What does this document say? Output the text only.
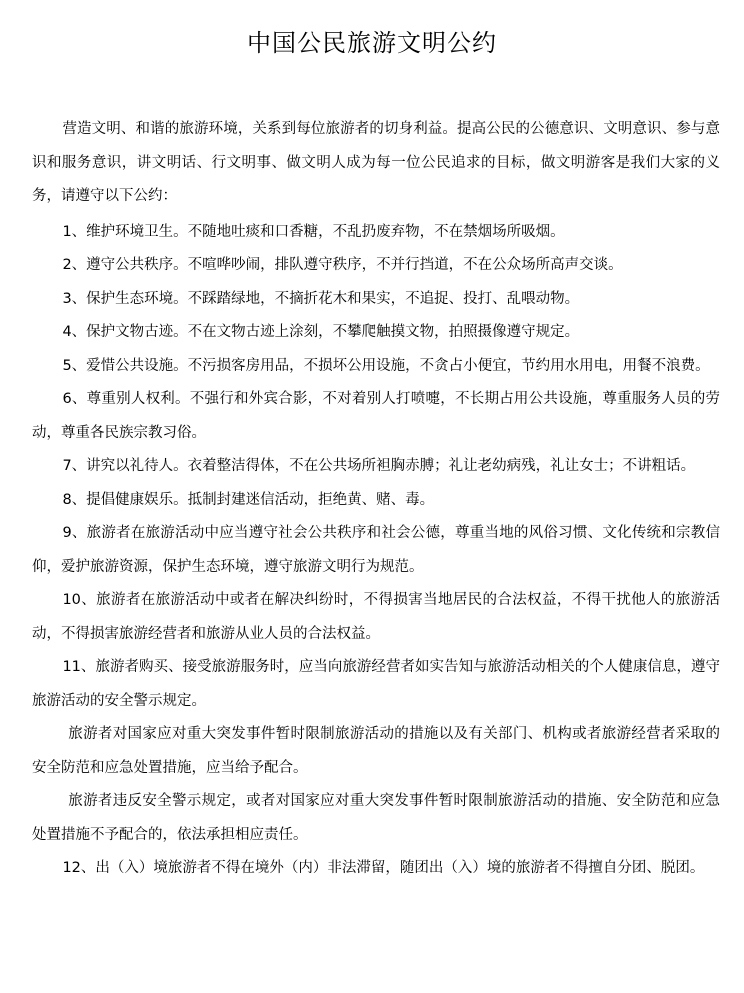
中国公民旅游文明公约

营造文明、和谐的旅游环境，关系到每位旅游者的切身利益。提高公民的公德意识、文明意识、参与意识和服务意识，讲文明话、行文明事、做文明人成为每一位公民追求的目标，做文明游客是我们大家的义务，请遵守以下公约：

1、维护环境卫生。不随地吐痰和口香糖，不乱扔废弃物，不在禁烟场所吸烟。

2、遵守公共秩序。不喧哗吵闹，排队遵守秩序，不并行挡道，不在公众场所高声交谈。

3、保护生态环境。不踩踏绿地，不摘折花木和果实，不追捉、投打、乱喂动物。

4、保护文物古迹。不在文物古迹上涂刻，不攀爬触摸文物，拍照摄像遵守规定。

5、爱惜公共设施。不污损客房用品，不损坏公用设施，不贪占小便宜，节约用水用电，用餐不浪费。

6、尊重别人权利。不强行和外宾合影，不对着别人打喷嚏，不长期占用公共设施，尊重服务人员的劳动，尊重各民族宗教习俗。

7、讲究以礼待人。衣着整洁得体，不在公共场所袒胸赤膊；礼让老幼病残，礼让女士；不讲粗话。

8、提倡健康娱乐。抵制封建迷信活动，拒绝黄、赌、毒。

9、旅游者在旅游活动中应当遵守社会公共秩序和社会公德，尊重当地的风俗习惯、文化传统和宗教信仰，爱护旅游资源，保护生态环境，遵守旅游文明行为规范。

10、旅游者在旅游活动中或者在解决纠纷时，不得损害当地居民的合法权益，不得干扰他人的旅游活动，不得损害旅游经营者和旅游从业人员的合法权益。

11、旅游者购买、接受旅游服务时，应当向旅游经营者如实告知与旅游活动相关的个人健康信息，遵守旅游活动的安全警示规定。

旅游者对国家应对重大突发事件暂时限制旅游活动的措施以及有关部门、机构或者旅游经营者采取的安全防范和应急处置措施，应当给予配合。

旅游者违反安全警示规定，或者对国家应对重大突发事件暂时限制旅游活动的措施、安全防范和应急处置措施不予配合的，依法承担相应责任。

12、出（入）境旅游者不得在境外（内）非法滞留，随团出（入）境的旅游者不得擅自分团、脱团。
